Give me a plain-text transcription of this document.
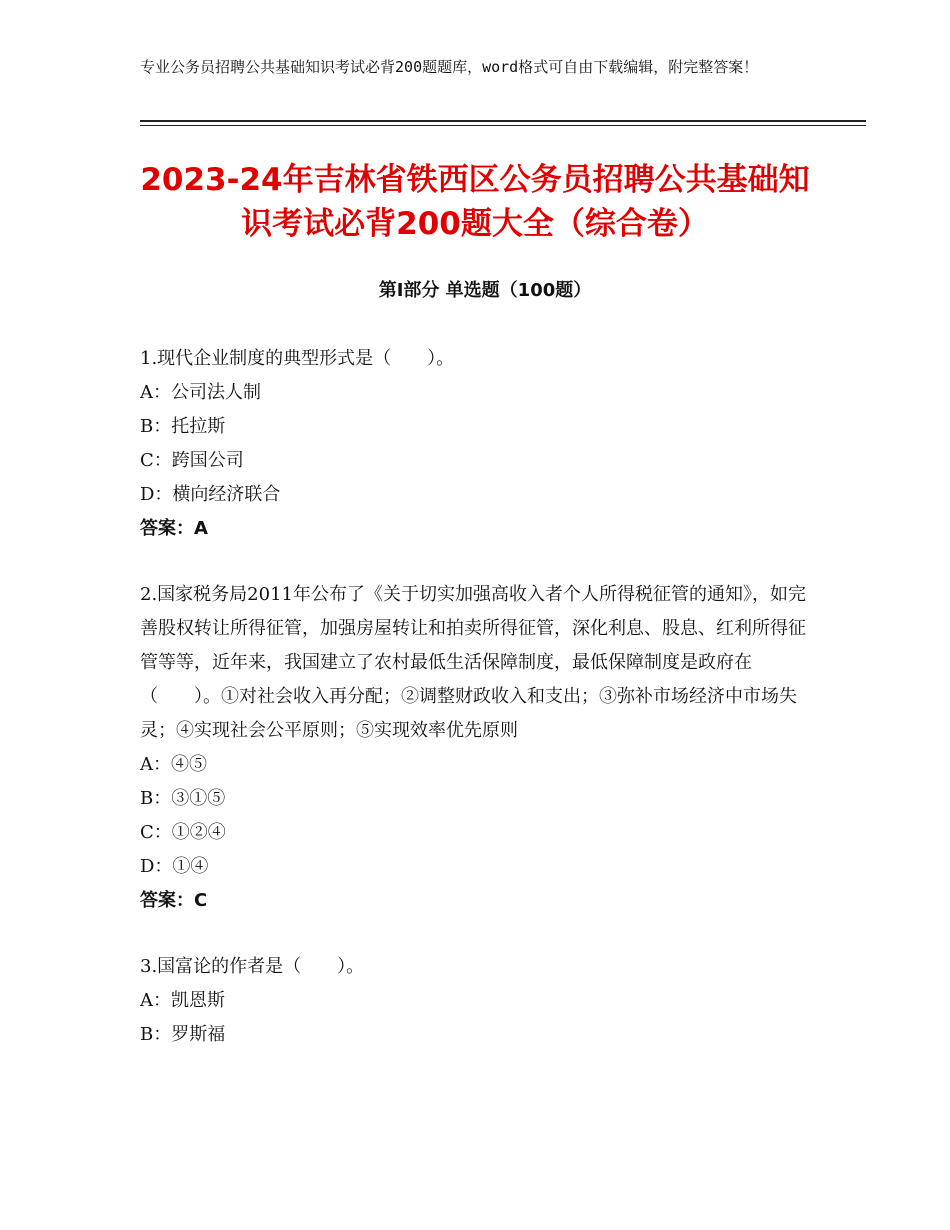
专业公务员招聘公共基础知识考试必背200题题库，word格式可自由下载编辑，附完整答案！
2023-24年吉林省铁西区公务员招聘公共基础知识考试必背200题大全（综合卷）
第Ⅰ部分 单选题（100题）
1.现代企业制度的典型形式是（　　）。
A：公司法人制
B：托拉斯
C：跨国公司
D：横向经济联合
答案：A
2.国家税务局2011年公布了《关于切实加强高收入者个人所得税征管的通知》，如完善股权转让所得征管，加强房屋转让和拍卖所得征管，深化利息、股息、红利所得征管等等，近年来，我国建立了农村最低生活保障制度，最低保障制度是政府在（　　）。①对社会收入再分配；②调整财政收入和支出；③弥补市场经济中市场失灵；④实现社会公平原则；⑤实现效率优先原则
A：④⑤
B：③①⑤
C：①②④
D：①④
答案：C
3.国富论的作者是（　　）。
A：凯恩斯
B：罗斯福
